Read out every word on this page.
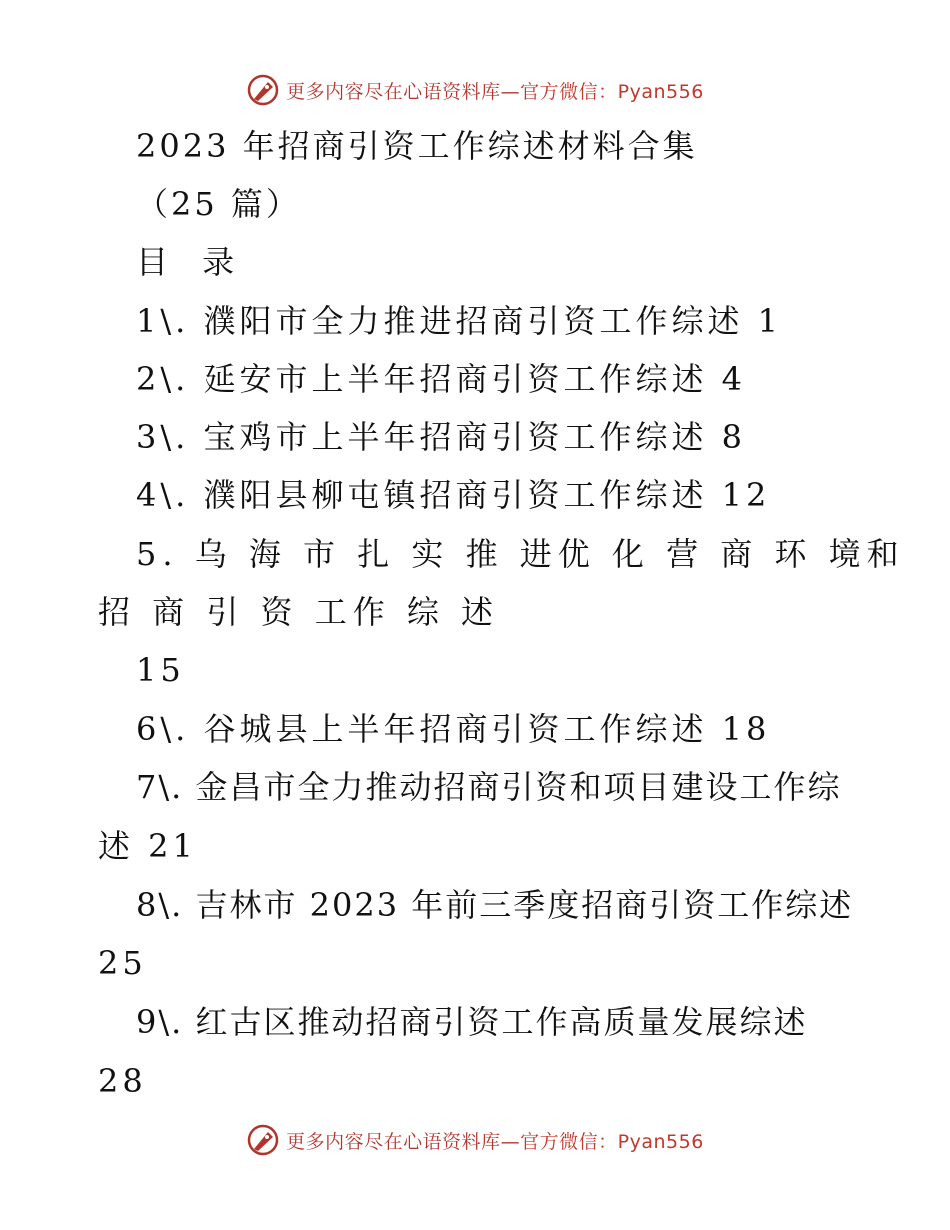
更多内容尽在心语资料库—官方微信：Pyan556
2023 年招商引资工作综述材料合集
（25 篇）
目 录
1\. 濮阳市全力推进招商引资工作综述 1
2\. 延安市上半年招商引资工作综述 4
3\. 宝鸡市上半年招商引资工作综述 8
4\. 濮阳县柳屯镇招商引资工作综述 12
5. 乌 海 市 扎 实 推 进优 化 营 商 环 境和
招 商 引 资 工作 综 述
15
6\. 谷城县上半年招商引资工作综述 18
7\. 金昌市全力推动招商引资和项目建设工作综
述 21
8\. 吉林市 2023 年前三季度招商引资工作综述
25
9\. 红古区推动招商引资工作高质量发展综述
28
更多内容尽在心语资料库—官方微信：Pyan556
